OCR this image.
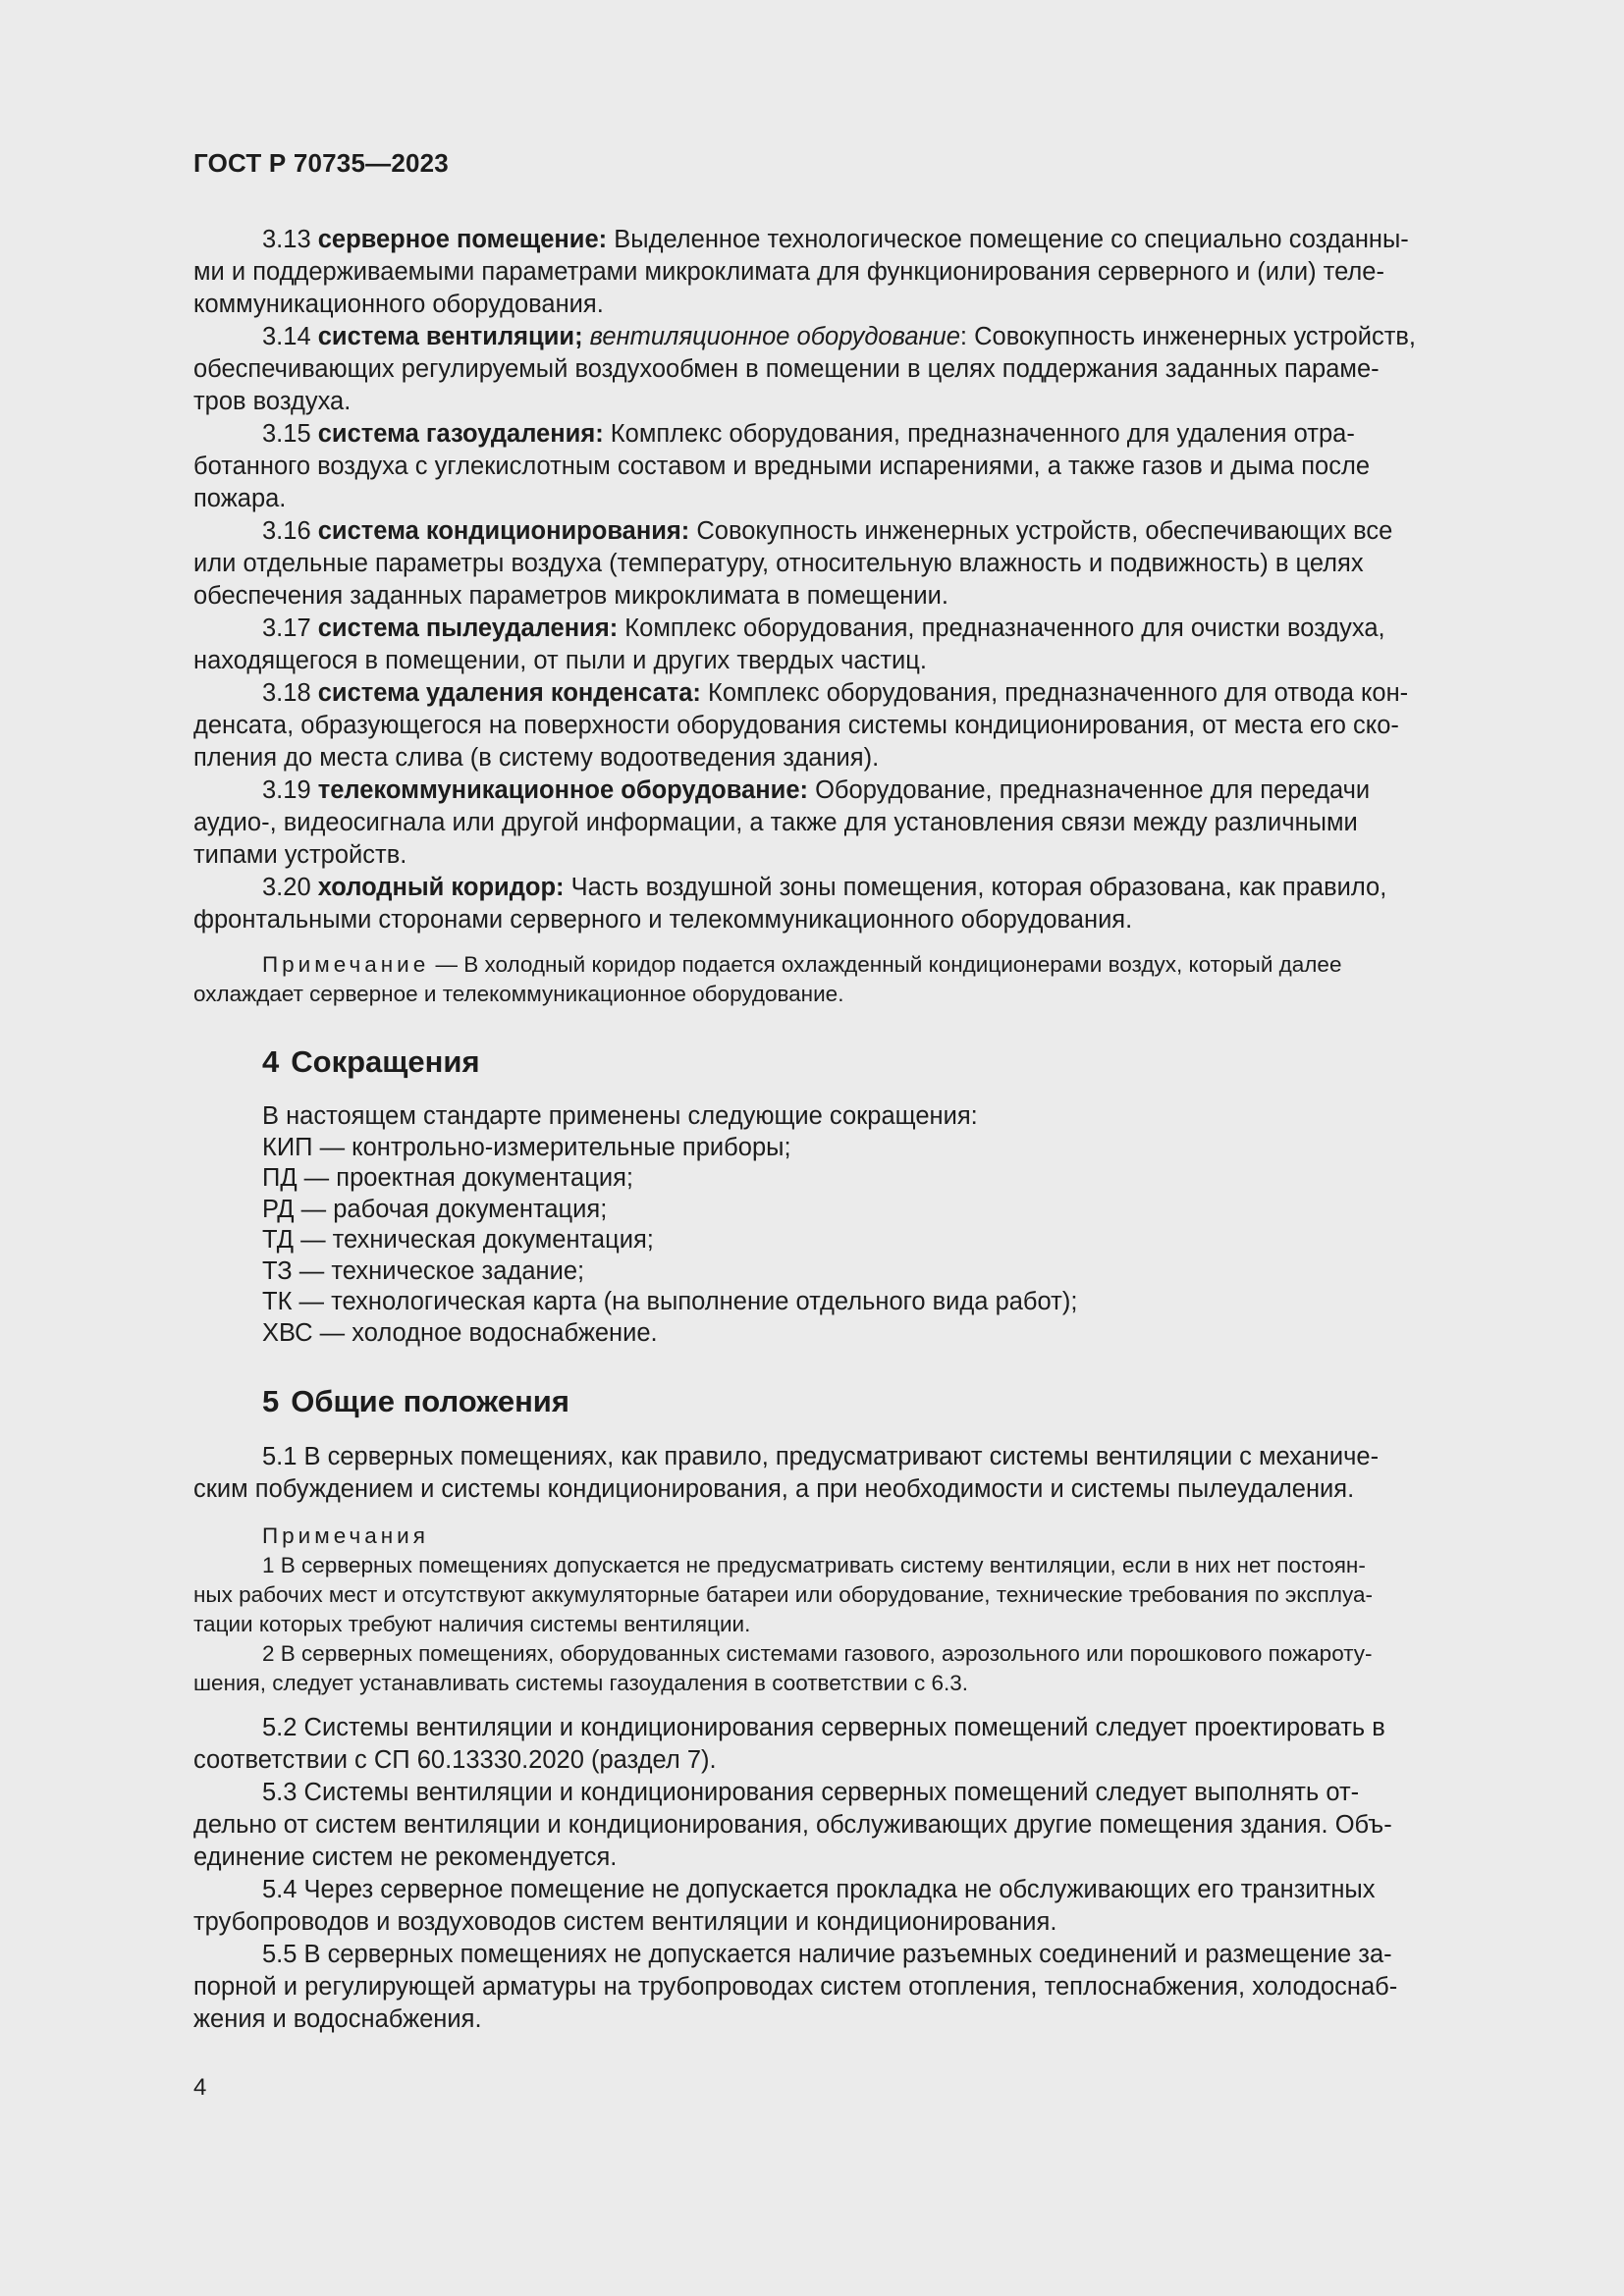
ГОСТ Р 70735—2023
3.13 серверное помещение: Выделенное технологическое помещение со специально созданны-
ми и поддерживаемыми параметрами микроклимата для функционирования серверного и (или) теле-
коммуникационного оборудования.
3.14 система вентиляции; вентиляционное оборудование: Совокупность инженерных устройств,
обеспечивающих регулируемый воздухообмен в помещении в целях поддержания заданных параме-
тров воздуха.
3.15 система газоудаления: Комплекс оборудования, предназначенного для удаления отра-
ботанного воздуха с углекислотным составом и вредными испарениями, а также газов и дыма после
пожара.
3.16 система кондиционирования: Совокупность инженерных устройств, обеспечивающих все
или отдельные параметры воздуха (температуру, относительную влажность и подвижность) в целях
обеспечения заданных параметров микроклимата в помещении.
3.17 система пылеудаления: Комплекс оборудования, предназначенного для очистки воздуха,
находящегося в помещении, от пыли и других твердых частиц.
3.18 система удаления конденсата: Комплекс оборудования, предназначенного для отвода кон-
денсата, образующегося на поверхности оборудования системы кондиционирования, от места его ско-
пления до места слива (в систему водоотведения здания).
3.19 телекоммуникационное оборудование: Оборудование, предназначенное для передачи
аудио-, видеосигнала или другой информации, а также для установления связи между различными
типами устройств.
3.20 холодный коридор: Часть воздушной зоны помещения, которая образована, как правило,
фронтальными сторонами серверного и телекоммуникационного оборудования.
Примечание — В холодный коридор подается охлажденный кондиционерами воздух, который далее
охлаждает серверное и телекоммуникационное оборудование.
4 Сокращения
В настоящем стандарте применены следующие сокращения:
КИП — контрольно-измерительные приборы;
ПД — проектная документация;
РД — рабочая документация;
ТД — техническая документация;
ТЗ — техническое задание;
ТК — технологическая карта (на выполнение отдельного вида работ);
ХВС — холодное водоснабжение.
5 Общие положения
5.1 В серверных помещениях, как правило, предусматривают системы вентиляции с механиче-
ским побуждением и системы кондиционирования, а при необходимости и системы пылеудаления.
Примечания
1 В серверных помещениях допускается не предусматривать систему вентиляции, если в них нет постоян-
ных рабочих мест и отсутствуют аккумуляторные батареи или оборудование, технические требования по эксплуа-
тации которых требуют наличия системы вентиляции.
2 В серверных помещениях, оборудованных системами газового, аэрозольного или порошкового пожароту-
шения, следует устанавливать системы газоудаления в соответствии с 6.3.
5.2 Системы вентиляции и кондиционирования серверных помещений следует проектировать в
соответствии с СП 60.13330.2020 (раздел 7).
5.3 Системы вентиляции и кондиционирования серверных помещений следует выполнять от-
дельно от систем вентиляции и кондиционирования, обслуживающих другие помещения здания. Объ-
единение систем не рекомендуется.
5.4 Через серверное помещение не допускается прокладка не обслуживающих его транзитных
трубопроводов и воздуховодов систем вентиляции и кондиционирования.
5.5 В серверных помещениях не допускается наличие разъемных соединений и размещение за-
порной и регулирующей арматуры на трубопроводах систем отопления, теплоснабжения, холодоснаб-
жения и водоснабжения.
4
